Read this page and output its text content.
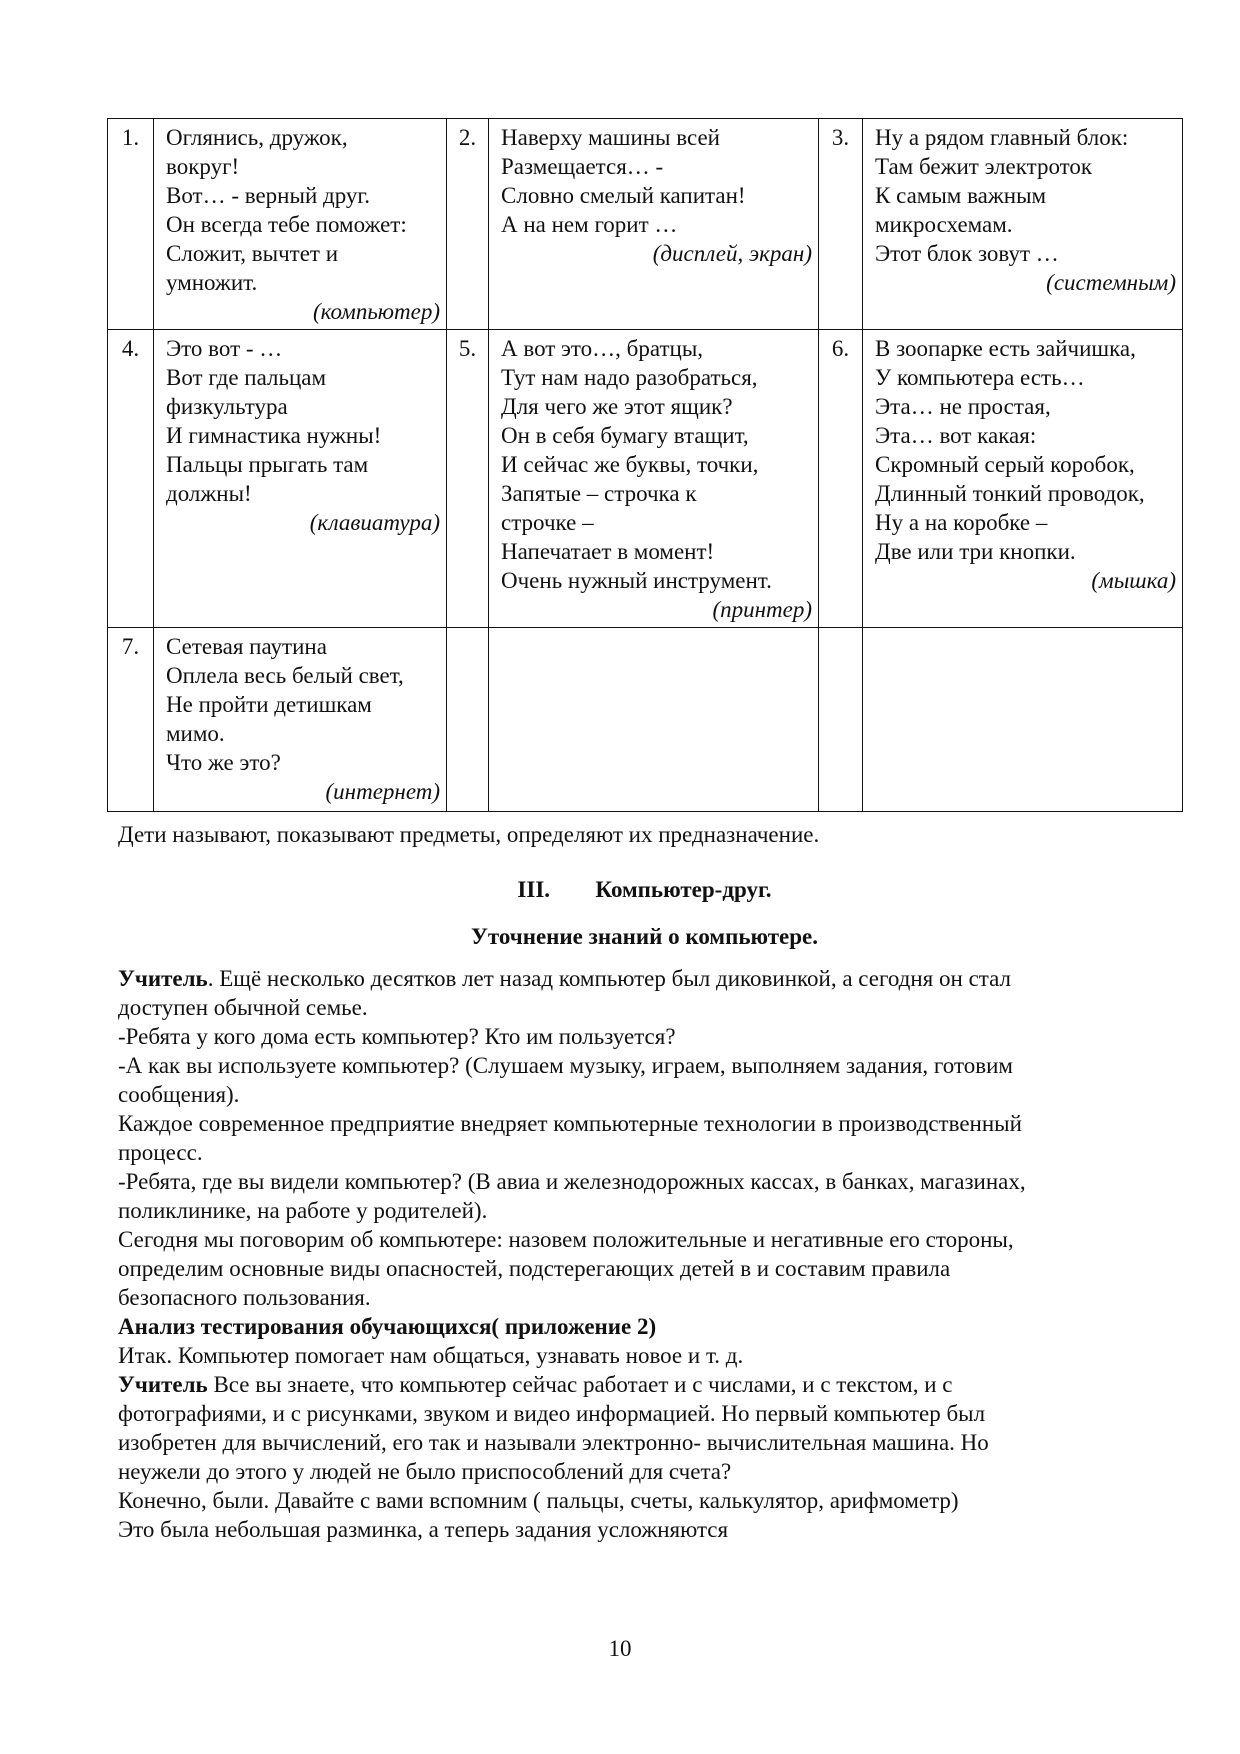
1.	Оглянись, дружок,
вокруг!
Вот… - верный друг.
Он всегда тебе поможет:
Сложит, вычтет и
умножит.
(компьютер)
	2.	Наверху машины всей
Размещается… -
Словно смелый капитан!
А на нем горит …
(дисплей, экран)
	3.	Ну а рядом главный блок:
Там бежит электроток
К самым важным
микросхемам.
Этот блок зовут …
(системным)

4.	Это вот - …
Вот где пальцам
физкультура
И гимнастика нужны!
Пальцы прыгать там
должны!
(клавиатура)
	5.	А вот это…, братцы,
Тут нам надо разобраться,
Для чего же этот ящик?
Он в себя бумагу втащит,
И сейчас же буквы, точки,
Запятые – строчка к
строчке –
Напечатает в момент!
Очень нужный инструмент.
(принтер)
	6.	В зоопарке есть зайчишка,
У компьютера есть…
Эта… не простая,
Эта… вот какая:
Скромный серый коробок,
Длинный тонкий проводок,
Ну а на коробке –
Две или три кнопки.
(мышка)

7.	Сетевая паутина
Оплела весь белый свет,
Не пройти детишкам
мимо.
Что же это?
(интернет)

Дети называют, показывают предметы, определяют их предназначение.
III. Компьютер-друг.
Уточнение знаний о компьютере.
Учитель. Ещё несколько десятков лет назад компьютер был диковинкой, а сегодня он стал
доступен обычной семье.
-Ребята у кого дома есть компьютер? Кто им пользуется?
-А как вы используете компьютер? (Слушаем музыку, играем, выполняем задания, готовим
сообщения).
Каждое современное предприятие внедряет компьютерные технологии в производственный
процесс.
-Ребята, где вы видели компьютер? (В авиа и железнодорожных кассах, в банках, магазинах,
поликлинике, на работе у родителей).
Сегодня мы поговорим об компьютере: назовем положительные и негативные его стороны,
определим основные виды опасностей, подстерегающих детей в и составим правила
безопасного пользования.
Анализ тестирования обучающихся( приложение 2)
Итак. Компьютер помогает нам общаться, узнавать новое и т. д.
Учитель Все вы знаете, что компьютер сейчас работает и с числами, и с текстом, и с
фотографиями, и с рисунками, звуком и видео информацией. Но первый компьютер был
изобретен для вычислений, его так и называли электронно- вычислительная машина. Но
неужели до этого у людей не было приспособлений для счета?
Конечно, были. Давайте с вами вспомним ( пальцы, счеты, калькулятор, арифмометр)
Это была небольшая разминка, а теперь задания усложняются
10
